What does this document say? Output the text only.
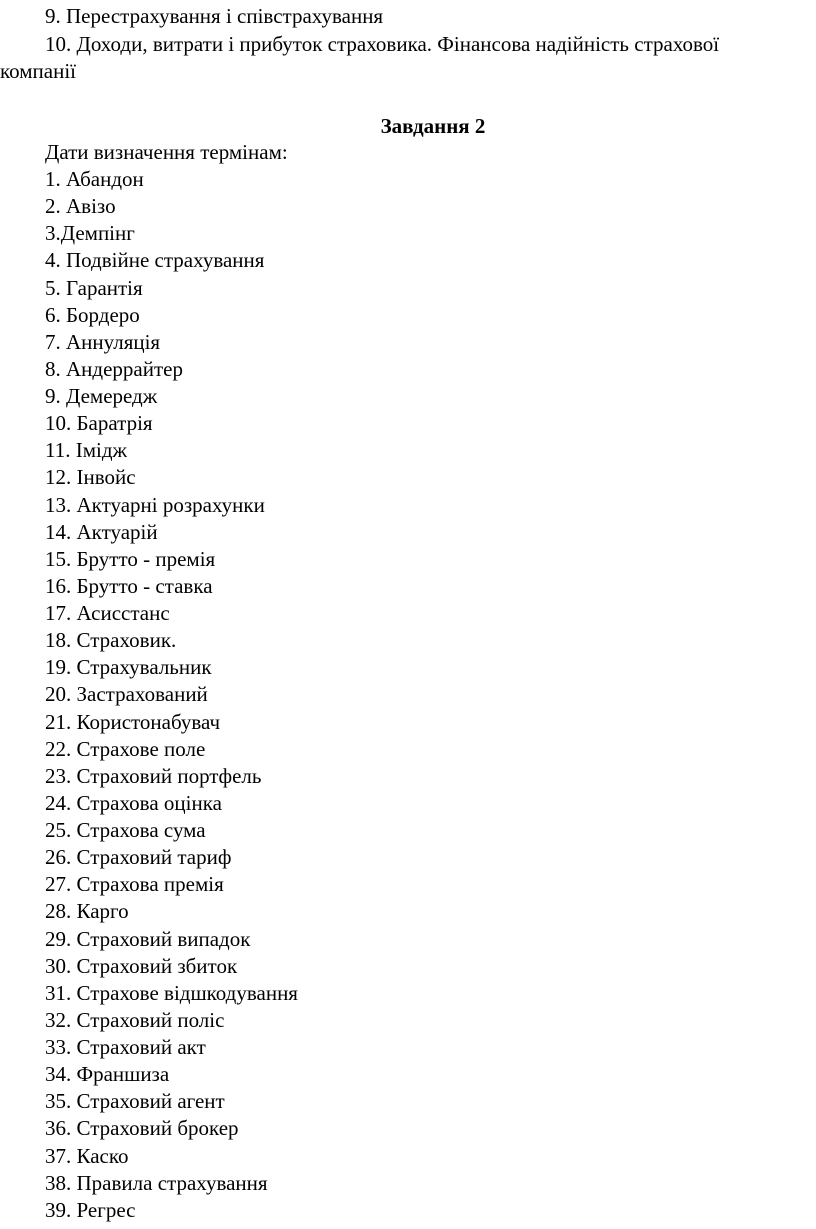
9. Перестрахування і співстрахування
10. Доходи, витрати і прибуток страховика. Фінансова надійність страхової
компанії
Завдання 2
Дати визначення термінам:
1. Абандон
2. Авізо
3.Демпінг
4. Подвійне страхування
5. Гарантія
6. Бордеро
7. Аннуляція
8. Андеррайтер
9. Демередж
10. Баратрія
11. Імідж
12. Інвойс
13. Актуарні розрахунки
14. Актуарій
15. Брутто - премія
16. Брутто - ставка
17. Асисстанс
18. Страховик.
19. Страхувальник
20. Застрахований
21. Користонабувач
22. Страхове поле
23. Страховий портфель
24. Страхова оцінка
25. Страхова сума
26. Страховий тариф
27. Страхова премія
28. Карго
29. Страховий випадок
30. Страховий збиток
31. Страхове відшкодування
32. Страховий поліс
33. Страховий акт
34. Франшиза
35. Страховий агент
36. Страховий брокер
37. Каско
38. Правила страхування
39. Регрес
